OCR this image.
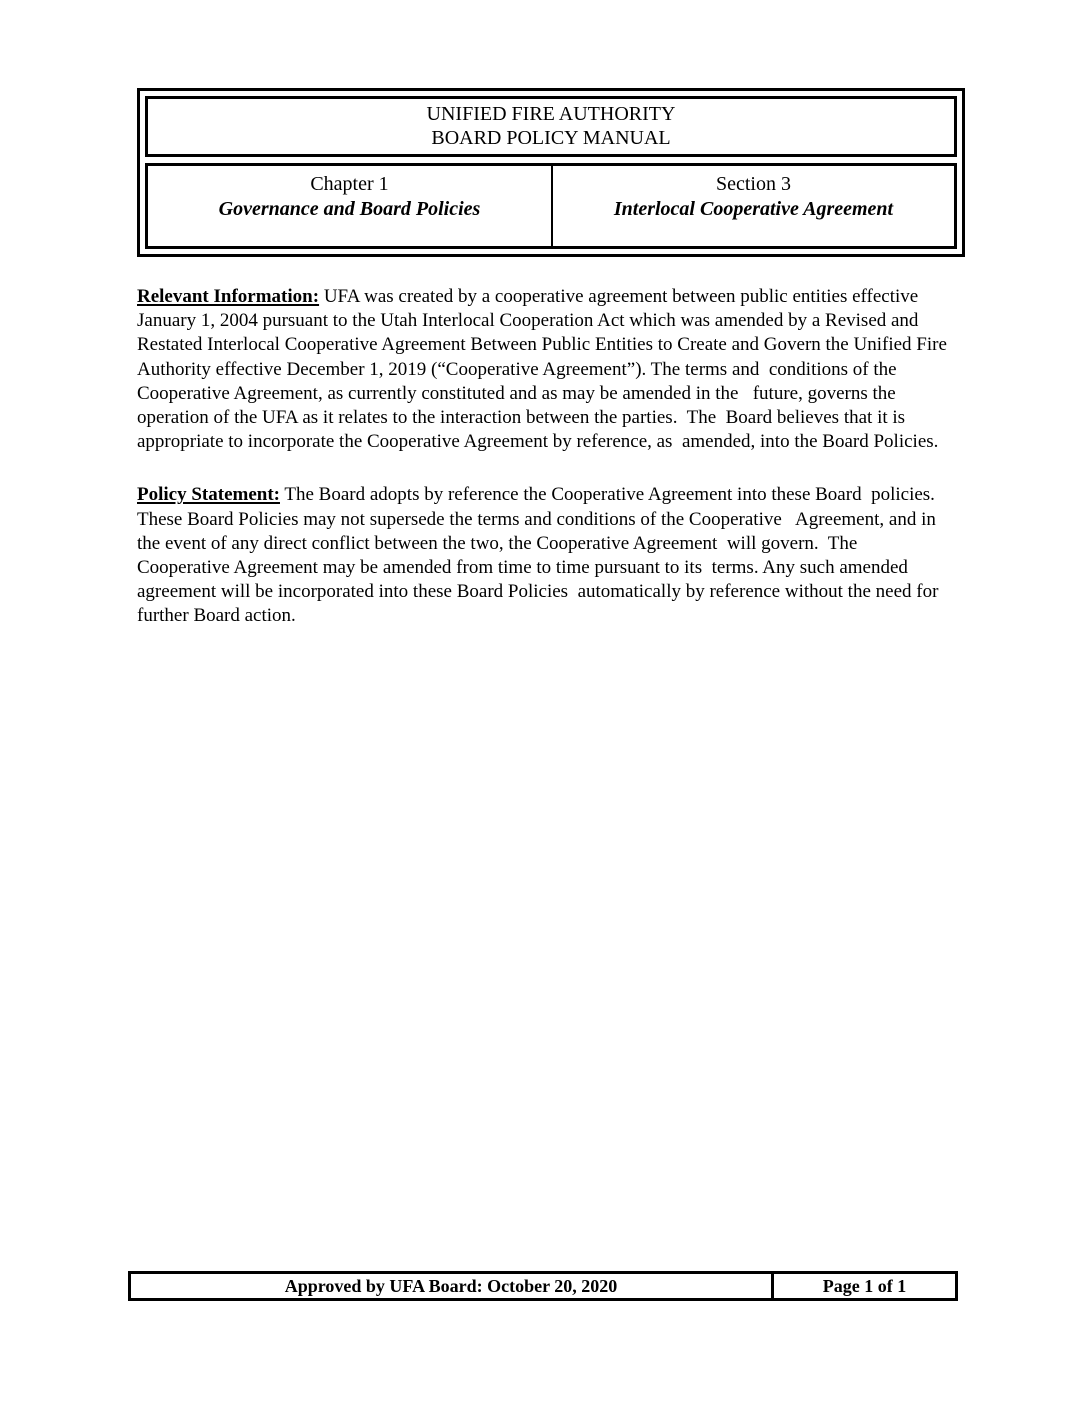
UNIFIED FIRE AUTHORITY
BOARD POLICY MANUAL
Chapter 1
Governance and Board Policies
Section 3
Interlocal Cooperative Agreement

Relevant Information: UFA was created by a cooperative agreement between public entities effective January 1, 2004 pursuant to the Utah Interlocal Cooperation Act which was amended by a Revised and Restated Interlocal Cooperative Agreement Between Public Entities to Create and Govern the Unified Fire Authority effective December 1, 2019 (“Cooperative Agreement”). The terms and  conditions of the Cooperative Agreement, as currently constituted and as may be amended in the   future, governs the operation of the UFA as it relates to the interaction between the parties.  The  Board believes that it is appropriate to incorporate the Cooperative Agreement by reference, as  amended, into the Board Policies.

Policy Statement: The Board adopts by reference the Cooperative Agreement into these Board  policies.  These Board Policies may not supersede the terms and conditions of the Cooperative   Agreement, and in the event of any direct conflict between the two, the Cooperative Agreement  will govern.  The Cooperative Agreement may be amended from time to time pursuant to its  terms. Any such amended agreement will be incorporated into these Board Policies  automatically by reference without the need for further Board action.

Approved by UFA Board: October 20, 2020	Page 1 of 1
